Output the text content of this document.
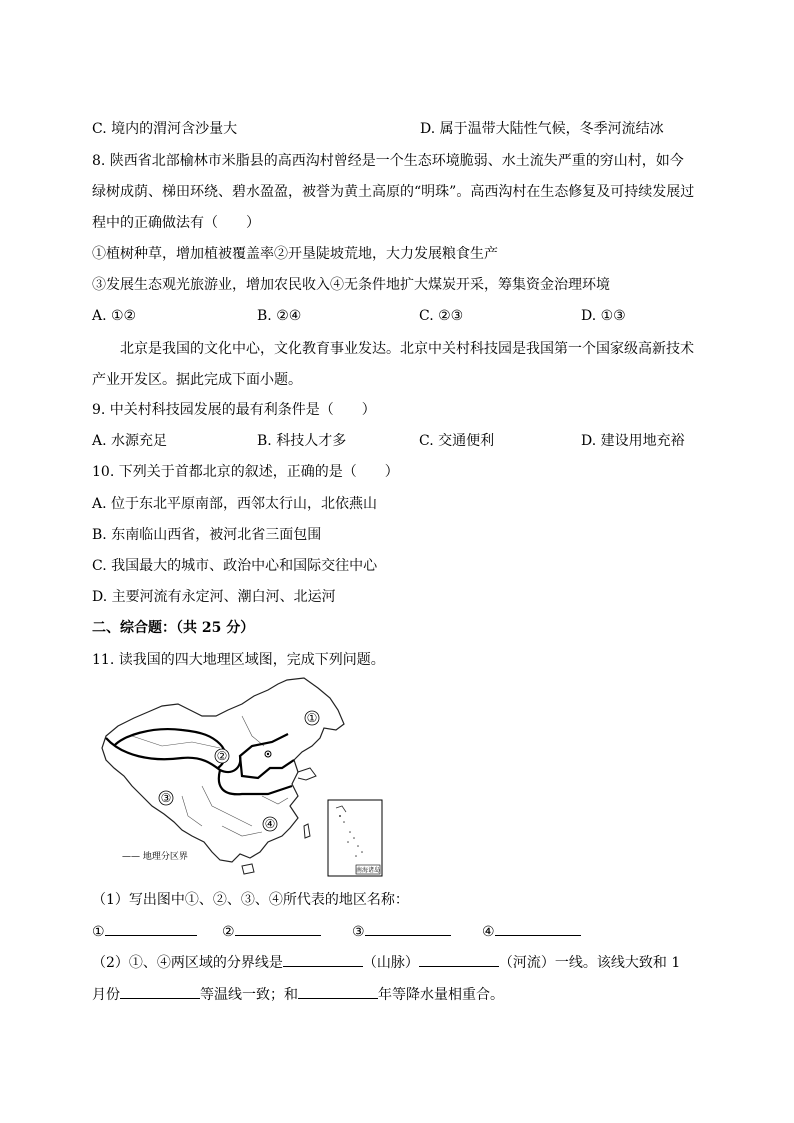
C. 境内的渭河含沙量大	D. 属于温带大陆性气候，冬季河流结冰
8. 陕西省北部榆林市米脂县的高西沟村曾经是一个生态环境脆弱、水土流失严重的穷山村，如今
绿树成荫、梯田环绕、碧水盈盈，被誉为黄土高原的“明珠”。高西沟村在生态修复及可持续发展过
程中的正确做法有（　　）
①植树种草，增加植被覆盖率②开垦陡坡荒地，大力发展粮食生产
③发展生态观光旅游业，增加农民收入④无条件地扩大煤炭开采，筹集资金治理环境
A. ①②	B. ②④	C. ②③	D. ①③
北京是我国的文化中心，文化教育事业发达。北京中关村科技园是我国第一个国家级高新技术
产业开发区。据此完成下面小题。
9. 中关村科技园发展的最有利条件是（　　）
A. 水源充足	B. 科技人才多	C. 交通便利	D. 建设用地充裕
10. 下列关于首都北京的叙述，正确的是（　　）
A. 位于东北平原南部，西邻太行山，北依燕山
B. 东南临山西省，被河北省三面包围
C. 我国最大的城市、政治中心和国际交往中心
D. 主要河流有永定河、潮白河、北运河
二、综合题：（共 25 分）
11. 读我国的四大地理区域图，完成下列问题。
①
②
③
④
—— 地理分区界
南海诸岛
（1）写出图中①、②、③、④所代表的地区名称：
①	②	③	④
（2）①、④两区域的分界线是	（山脉）	（河流）一线。该线大致和 1
月份	等温线一致；和	年等降水量相重合。
